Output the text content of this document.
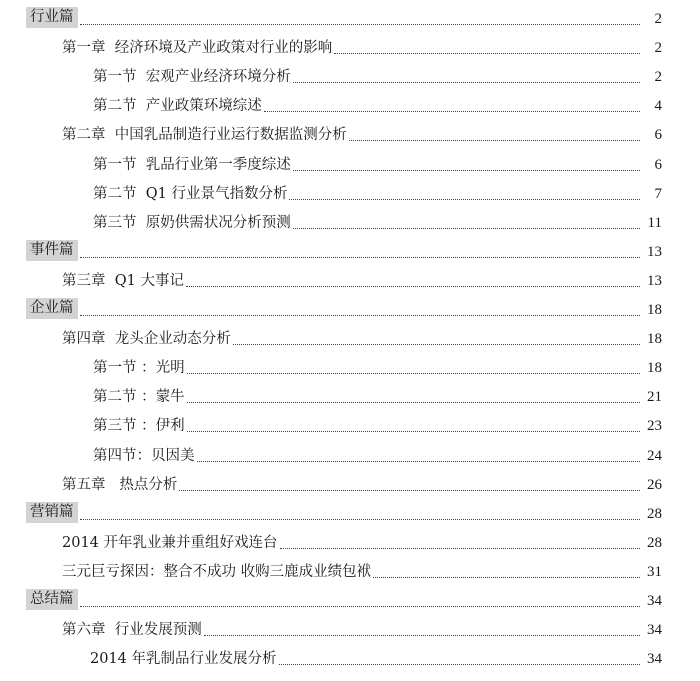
行业篇	2
第一章  经济环境及产业政策对行业的影响	2
第一节  宏观产业经济环境分析	2
第二节  产业政策环境综述	4
第二章  中国乳品制造行业运行数据监测分析	6
第一节  乳品行业第一季度综述	6
第二节  Q1 行业景气指数分析	7
第三节  原奶供需状况分析预测	11
事件篇	13
第三章  Q1 大事记	13
企业篇	18
第四章  龙头企业动态分析	18
第一节 ：光明	18
第二节 ：蒙牛	21
第三节 ：伊利	23
第四节：贝因美	24
第五章   热点分析	26
营销篇	28
2014 开年乳业兼并重组好戏连台	28
三元巨亏探因：整合不成功 收购三鹿成业绩包袱	31
总结篇	34
第六章  行业发展预测	34
2014 年乳制品行业发展分析	34
